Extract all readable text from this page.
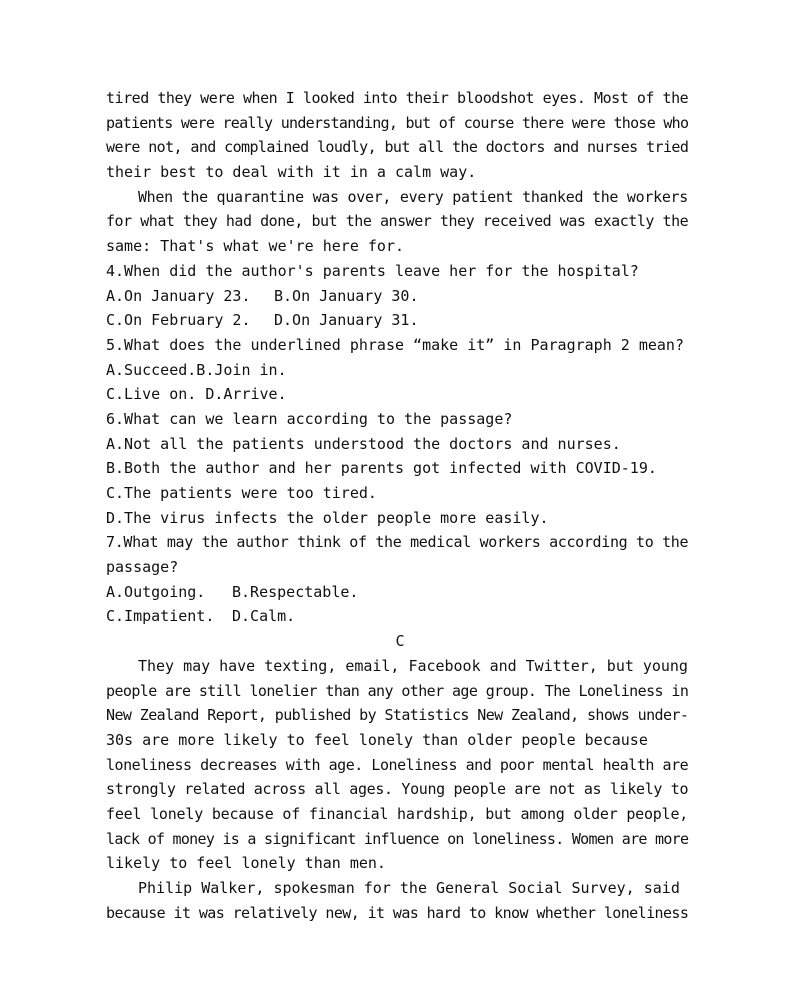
tired they were when I looked into their bloodshot eyes. Most of the
patients were really understanding, but of course there were those who
were not, and complained loudly, but all the doctors and nurses tried
their best to deal with it in a calm way.
When the quarantine was over, every patient thanked the workers
for what they had done, but the answer they received was exactly the
same: That's what we're here for.
4.When did the author's parents leave her for the hospital?
A.On January 23. B.On January 30.
C.On February 2. D.On January 31.
5.What does the underlined phrase “make it” in Paragraph 2 mean?
A.Succeed.B.Join in.
C.Live on. D.Arrive.
6.What can we learn according to the passage?
A.Not all the patients understood the doctors and nurses.
B.Both the author and her parents got infected with COVID-19.
C.The patients were too tired.
D.The virus infects the older people more easily.
7.What may the author think of the medical workers according to the
passage?
A.Outgoing. B.Respectable.
C.Impatient. D.Calm.
C
They may have texting, email, Facebook and Twitter, but young
people are still lonelier than any other age group. The Loneliness in
New Zealand Report, published by Statistics New Zealand, shows under-
30s are more likely to feel lonely than older people because
loneliness decreases with age. Loneliness and poor mental health are
strongly related across all ages. Young people are not as likely to
feel lonely because of financial hardship, but among older people,
lack of money is a significant influence on loneliness. Women are more
likely to feel lonely than men.
Philip Walker, spokesman for the General Social Survey, said
because it was relatively new, it was hard to know whether loneliness
